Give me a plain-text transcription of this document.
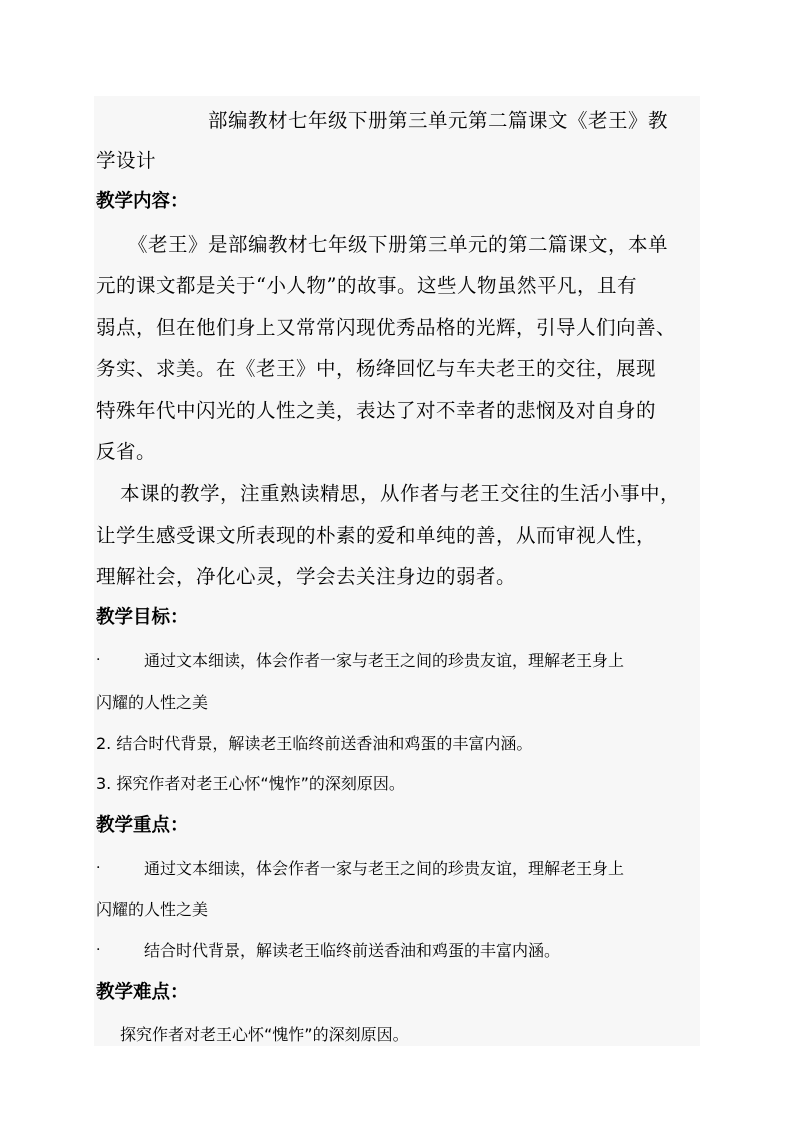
部编教材七年级下册第三单元第二篇课文《老王》教
学设计
教学内容：
《老王》是部编教材七年级下册第三单元的第二篇课文，本单
元的课文都是关于“小人物”的故事。这些人物虽然平凡，且有
弱点，但在他们身上又常常闪现优秀品格的光辉，引导人们向善、
务实、求美。在《老王》中，杨绛回忆与车夫老王的交往，展现
特殊年代中闪光的人性之美，表达了对不幸者的悲悯及对自身的
反省。
本课的教学，注重熟读精思，从作者与老王交往的生活小事中，
让学生感受课文所表现的朴素的爱和单纯的善，从而审视人性，
理解社会，净化心灵，学会去关注身边的弱者。
教学目标：
.	通过文本细读，体会作者一家与老王之间的珍贵友谊，理解老王身上
闪耀的人性之美
2. 结合时代背景，解读老王临终前送香油和鸡蛋的丰富内涵。
3. 探究作者对老王心怀“愧怍”的深刻原因。
教学重点：
.	通过文本细读，体会作者一家与老王之间的珍贵友谊，理解老王身上
闪耀的人性之美
.	结合时代背景，解读老王临终前送香油和鸡蛋的丰富内涵。
教学难点：
探究作者对老王心怀“愧怍”的深刻原因。
